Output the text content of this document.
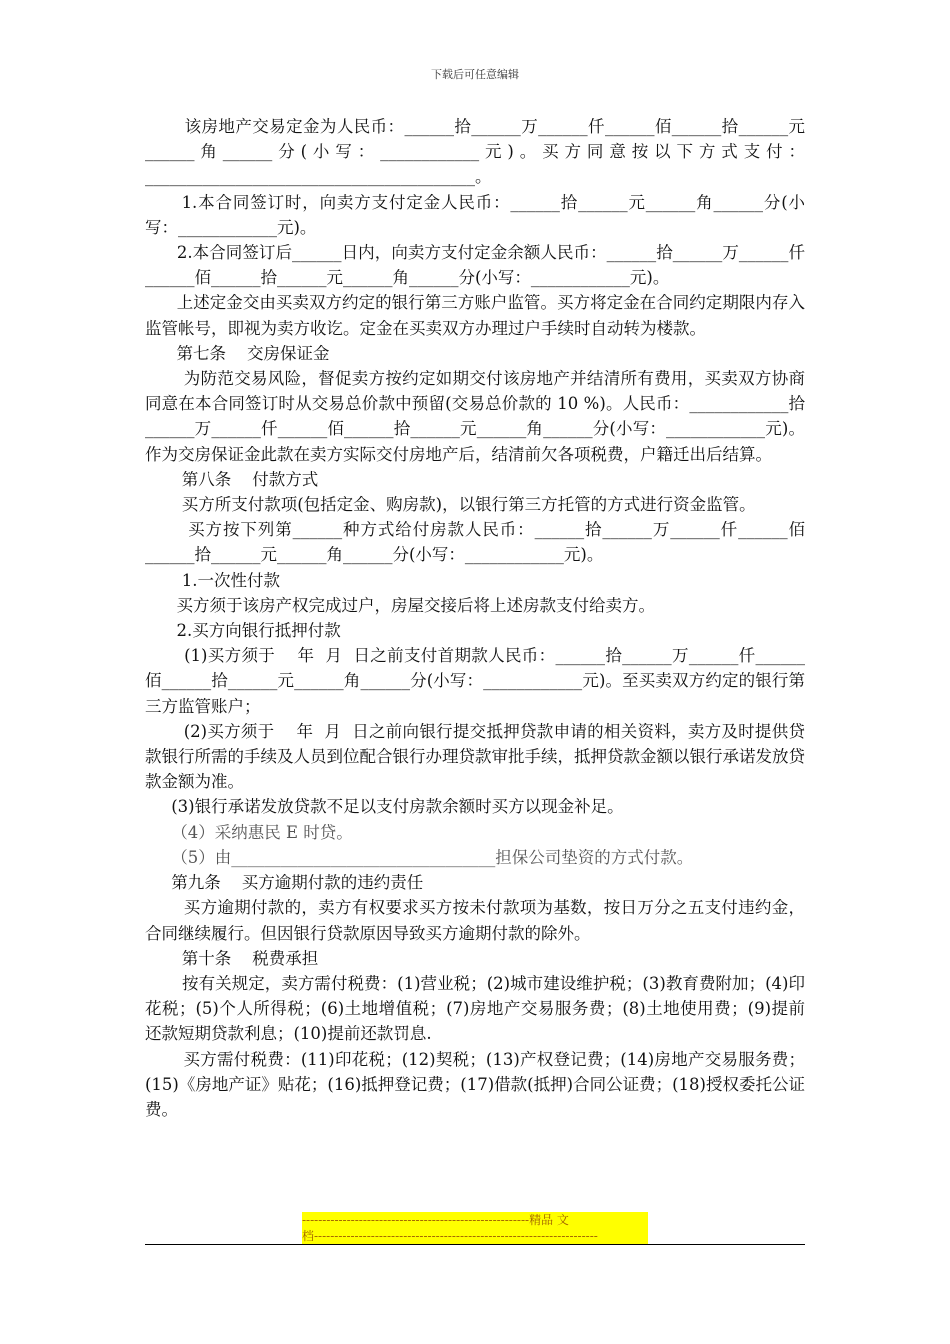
下载后可任意编辑

该房地产交易定金为人民币：______拾______万______仟______佰______拾______元______角______分(小写：____________元)。买方同意按以下方式支付：________________________________________。

1.本合同签订时，向卖方支付定金人民币：______拾______元______角______分(小写：____________元)。

2.本合同签订后______日内，向卖方支付定金余额人民币：______拾______万______仟______佰______拾______元______角______分(小写：____________元)。

上述定金交由买卖双方约定的银行第三方账户监管。买方将定金在合同约定期限内存入监管帐号，即视为卖方收讫。定金在买卖双方办理过户手续时自动转为楼款。

第七条    交房保证金

为防范交易风险，督促卖方按约定如期交付该房地产并结清所有费用，买卖双方协商同意在本合同签订时从交易总价款中预留(交易总价款的 10 %)。人民币：____________拾______万______仟______佰______拾______元______角______分(小写：____________元)。作为交房保证金此款在卖方实际交付房地产后，结清前欠各项税费，户籍迁出后结算。

第八条    付款方式

买方所支付款项(包括定金、购房款)，以银行第三方托管的方式进行资金监管。

买方按下列第______种方式给付房款人民币：______拾______万______仟______佰______拾______元______角______分(小写：____________元)。

1.一次性付款

买方须于该房产权完成过户，房屋交接后将上述房款支付给卖方。

2.买方向银行抵押付款

(1)买方须于    年  月  日之前支付首期款人民币：______拾______万______仟______佰______拾______元______角______分(小写：____________元)。至买卖双方约定的银行第三方监管账户；

(2)买方须于    年  月  日之前向银行提交抵押贷款申请的相关资料，卖方及时提供贷款银行所需的手续及人员到位配合银行办理贷款审批手续，抵押贷款金额以银行承诺发放贷款金额为准。

(3)银行承诺发放贷款不足以支付房款余额时买方以现金补足。

（4）采纳惠民 E 时贷。

（5）由________________________________担保公司垫资的方式付款。

第九条    买方逾期付款的违约责任

买方逾期付款的，卖方有权要求买方按未付款项为基数，按日万分之五支付违约金，合同继续履行。但因银行贷款原因导致买方逾期付款的除外。

第十条    税费承担

按有关规定，卖方需付税费：(1)营业税；(2)城市建设维护税；(3)教育费附加；(4)印花税；(5)个人所得税；(6)土地增值税；(7)房地产交易服务费；(8)土地使用费；(9)提前还款短期贷款利息；(10)提前还款罚息.

买方需付税费：(11)印花税；(12)契税；(13)产权登记费；(14)房地产交易服务费；(15)《房地产证》贴花；(16)抵押登记费；(17)借款(抵押)合同公证费；(18)授权委托公证费。

--------------------------------------------------------精品 文
档----------------------------------------------------------------------
